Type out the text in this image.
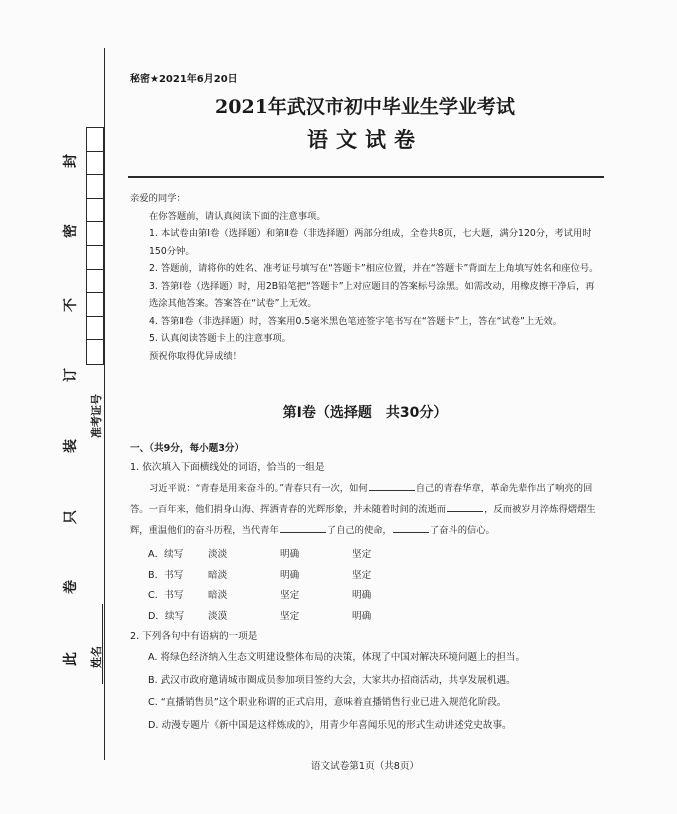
封
密
不
订
装
只
卷
此
准考证号
姓名
秘密★2021年6月20日
2021年武汉市初中毕业生学业考试
语文试卷

亲爱的同学：

在你答题前，请认真阅读下面的注意事项。

1. 本试卷由第Ⅰ卷（选择题）和第Ⅱ卷（非选择题）两部分组成，全卷共8页，七大题，满分120分，考试用时150分钟。

2. 答题前，请将你的姓名、准考证号填写在“答题卡”相应位置，并在“答题卡”背面左上角填写姓名和座位号。

3. 答第Ⅰ卷（选择题）时，用2B铅笔把“答题卡”上对应题目的答案标号涂黑。如需改动，用橡皮擦干净后，再选涂其他答案。答案答在“试卷”上无效。

4. 答第Ⅱ卷（非选择题）时，答案用0.5毫米黑色笔迹签字笔书写在“答题卡”上，答在“试卷”上无效。

5. 认真阅读答题卡上的注意事项。

预祝你取得优异成绩！

第Ⅰ卷（选择题　共30分）

一、（共9分，每小题3分）

1. 依次填入下面横线处的词语，恰当的一组是

习近平说：“青春是用来奋斗的。”青春只有一次，如何	自己的青春华章，革命先辈作出了响亮的回答。一百年来，他们捐身山海、挥洒青春的光辉形象，并未随着时间的流逝而	，反而被岁月淬炼得熠熠生辉，重温他们的奋斗历程，当代青年	了自己的使命，	了奋斗的信心。

A．续写	淡淡	明确	坚定
B．书写	暗淡	明确	坚定
C．书写	暗淡	坚定	明确
D．续写	淡漠	坚定	明确

2. 下列各句中有语病的一项是

A. 将绿色经济纳入生态文明建设整体布局的决策，体现了中国对解决环境问题上的担当。

B. 武汉市政府邀请城市圈成员参加项目签约大会，大家共办招商活动，共享发展机遇。

C. “直播销售员”这个职业称谓的正式启用，意味着直播销售行业已进入规范化阶段。

D. 动漫专题片《新中国是这样炼成的》，用青少年喜闻乐见的形式生动讲述党史故事。

语文试卷第1页（共8页）
